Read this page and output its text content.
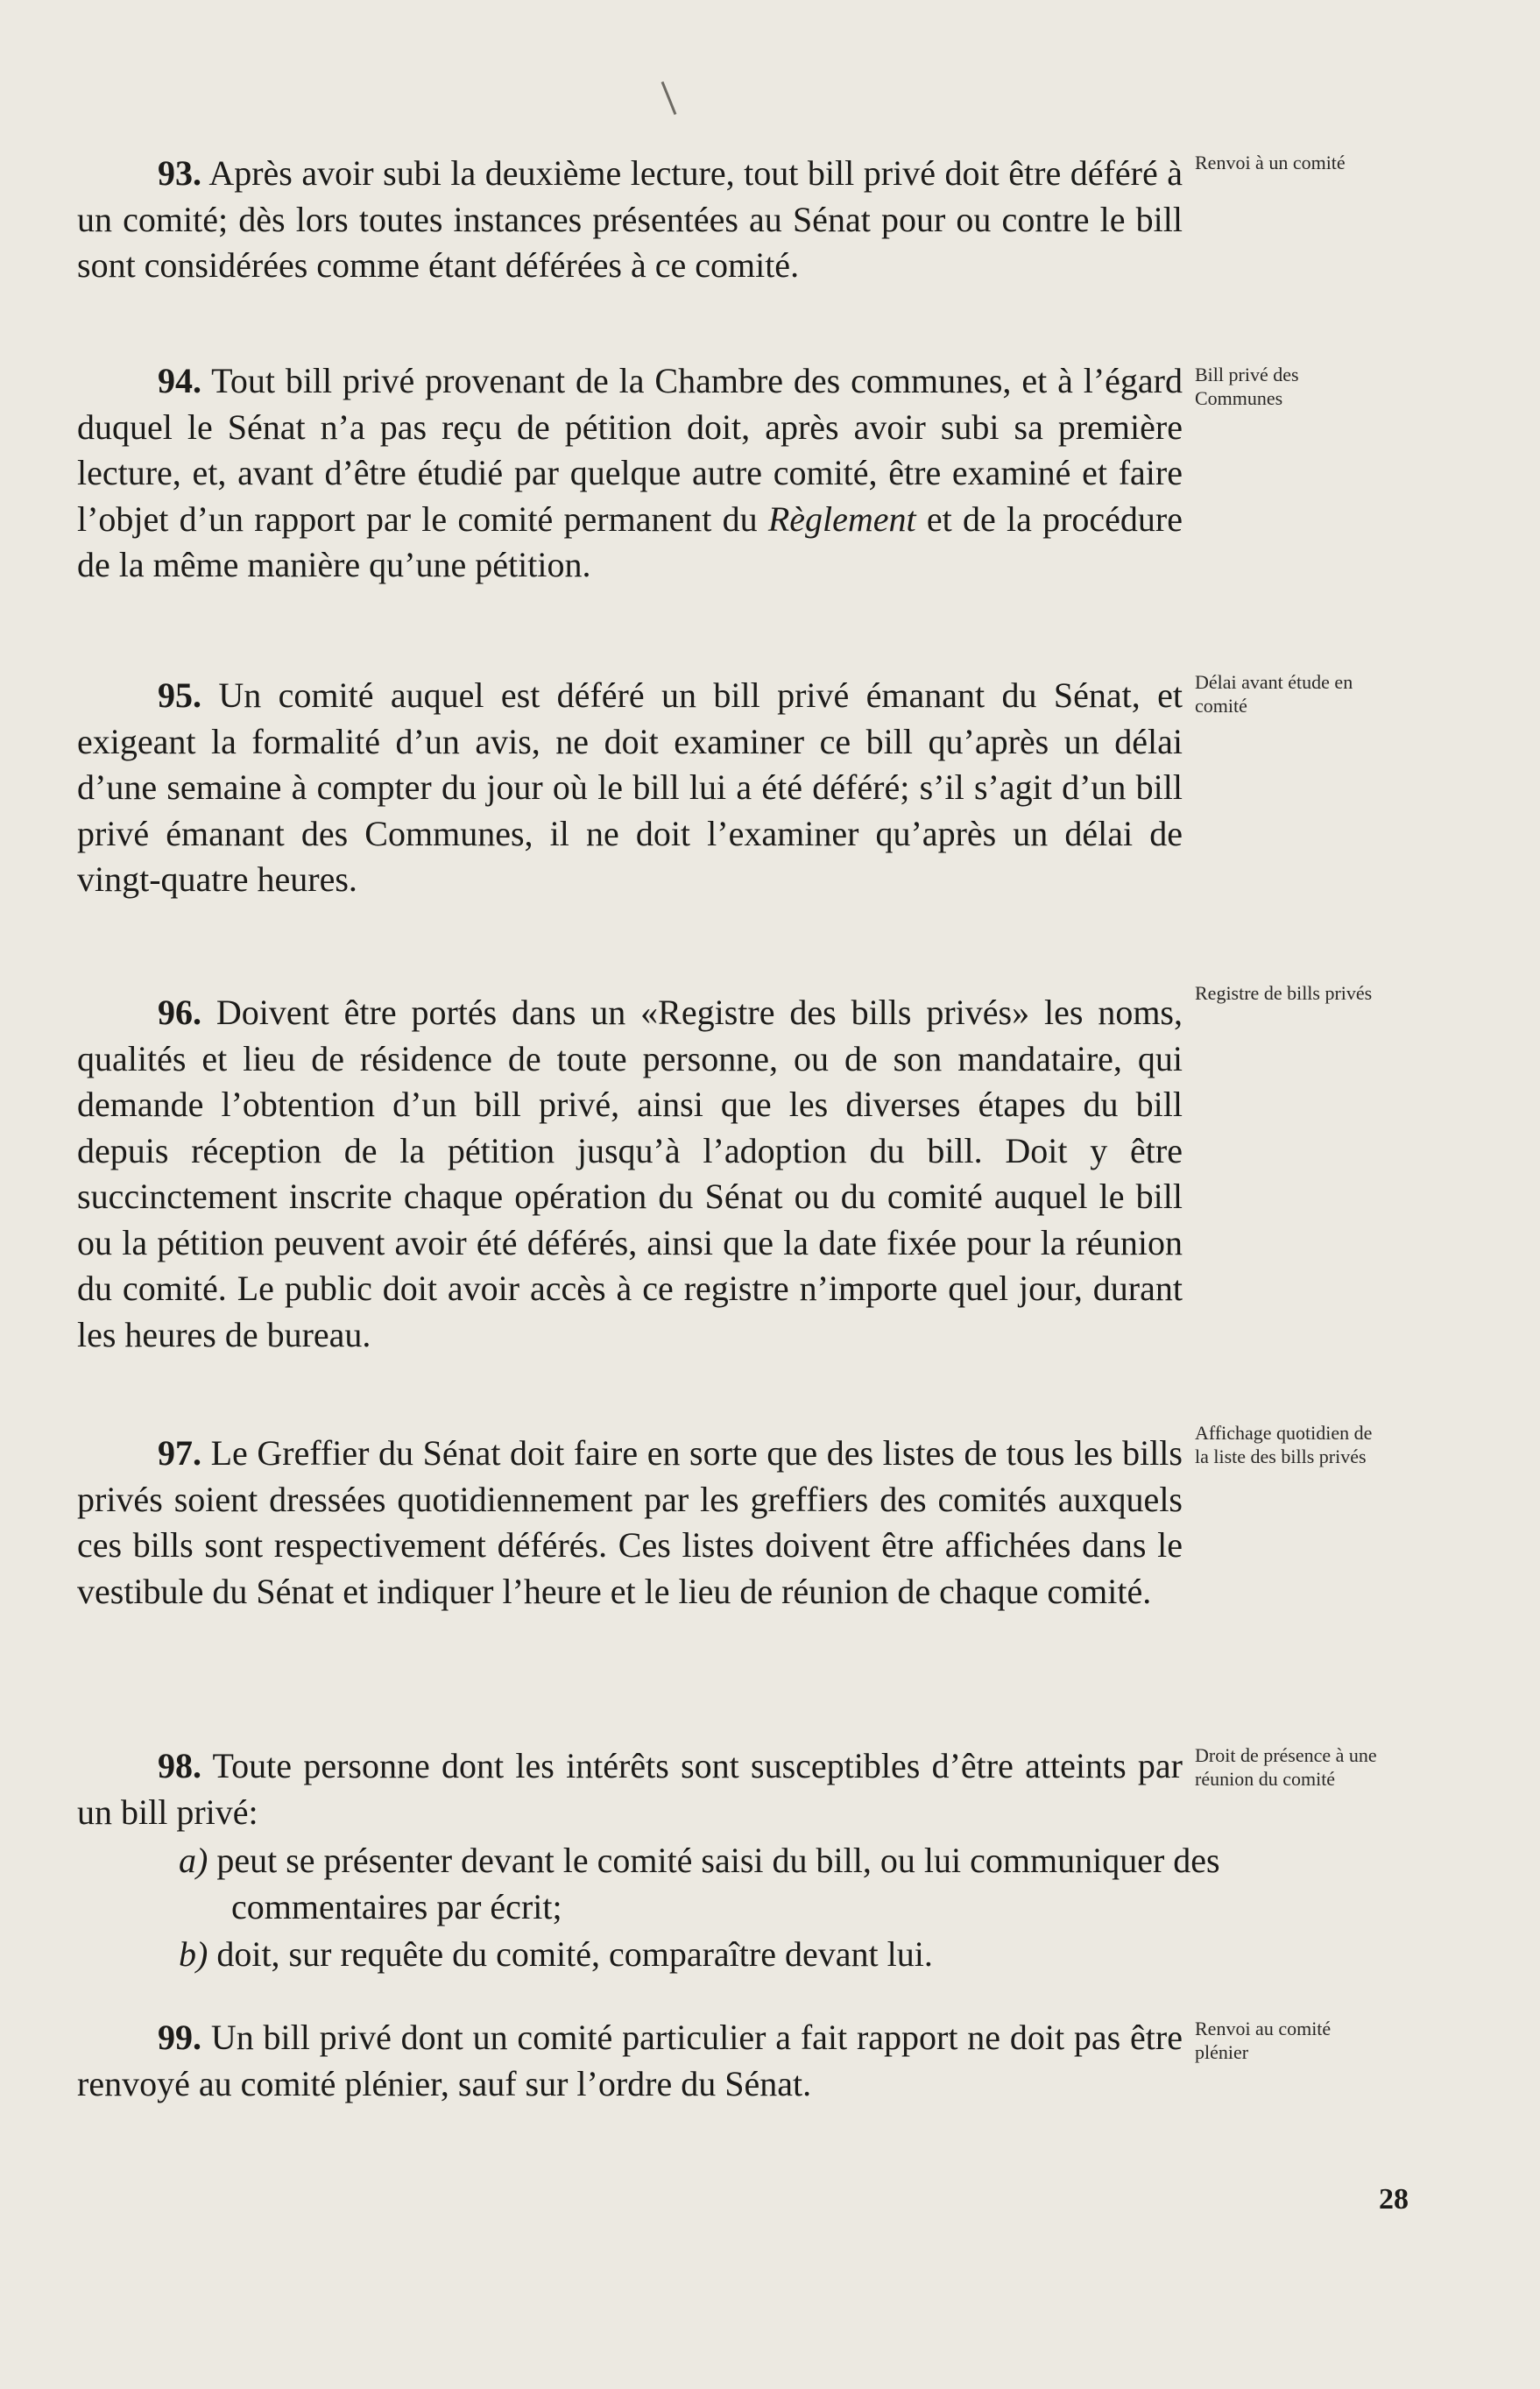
93. Après avoir subi la deuxième lecture, tout bill privé doit être déféré à un comité; dès lors toutes instances présentées au Sénat pour ou contre le bill sont considérées comme étant déférées à ce comité.

94. Tout bill privé provenant de la Chambre des communes, et à l’égard duquel le Sénat n’a pas reçu de pétition doit, après avoir subi sa première lecture, et, avant d’être étudié par quelque autre comité, être examiné et faire l’objet d’un rapport par le comité permanent du Règlement et de la procédure de la même manière qu’une pétition.

95. Un comité auquel est déféré un bill privé émanant du Sénat, et exigeant la formalité d’un avis, ne doit examiner ce bill qu’après un délai d’une semaine à compter du jour où le bill lui a été déféré; s’il s’agit d’un bill privé émanant des Communes, il ne doit l’examiner qu’après un délai de vingt-quatre heures.

96. Doivent être portés dans un «Registre des bills privés» les noms, qualités et lieu de résidence de toute personne, ou de son mandataire, qui demande l’obtention d’un bill privé, ainsi que les diverses étapes du bill depuis réception de la pétition jusqu’à l’adoption du bill. Doit y être succinctement inscrite chaque opération du Sénat ou du comité auquel le bill ou la pétition peuvent avoir été déférés, ainsi que la date fixée pour la réunion du comité. Le public doit avoir accès à ce registre n’importe quel jour, durant les heures de bureau.

97. Le Greffier du Sénat doit faire en sorte que des listes de tous les bills privés soient dressées quotidiennement par les greffiers des comités auxquels ces bills sont respectivement déférés. Ces listes doivent être affichées dans le vestibule du Sénat et indiquer l’heure et le lieu de réunion de chaque comité.

98. Toute personne dont les intérêts sont susceptibles d’être atteints par un bill privé:

a) peut se présenter devant le comité saisi du bill, ou lui communiquer des commentaires par écrit;

b) doit, sur requête du comité, comparaître devant lui.

99. Un bill privé dont un comité particulier a fait rapport ne doit pas être renvoyé au comité plénier, sauf sur l’ordre du Sénat.

Renvoi à un comité

Bill privé des Communes

Délai avant étude en comité

Registre de bills privés

Affichage quotidien de la liste des bills privés

Droit de présence à une réunion du comité

Renvoi au comité plénier

28
